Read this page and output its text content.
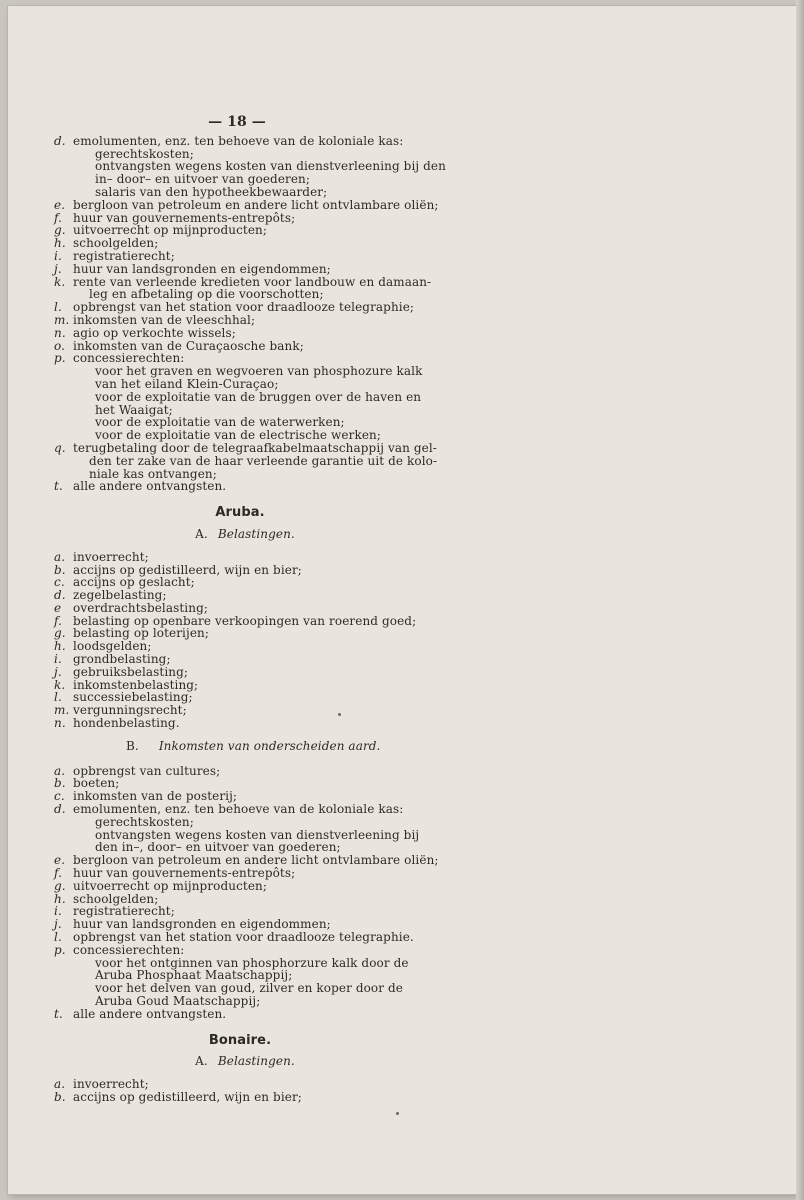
— 18 —
d. emolumenten, enz. ten behoeve van de koloniale kas:
gerechtskosten;
ontvangsten wegens kosten van dienstverleening bij den
in– door– en uitvoer van goederen;
salaris van den hypotheekbewaarder;
e. bergloon van petroleum en andere licht ontvlambare oliën;
f. huur van gouvernements-entrepôts;
g. uitvoerrecht op mijnproducten;
h. schoolgelden;
i. registratierecht;
j. huur van landsgronden en eigendommen;
k. rente van verleende kredieten voor landbouw en damaan-
leg en afbetaling op die voorschotten;
l. opbrengst van het station voor draadlooze telegraphie;
m. inkomsten van de vleeschhal;
n. agio op verkochte wissels;
o. inkomsten van de Curaçaosche bank;
p. concessierechten:
voor het graven en wegvoeren van phosphozure kalk
van het eiland Klein-Curaçao;
voor de exploitatie van de bruggen over de haven en
het Waaigat;
voor de exploitatie van de waterwerken;
voor de exploitatie van de electrische werken;
q. terugbetaling door de telegraafkabelmaatschappij van gel-
den ter zake van de haar verleende garantie uit de kolo-
niale kas ontvangen;
t. alle andere ontvangsten.
Aruba.
A. Belastingen.
a. invoerrecht;
b. accijns op gedistilleerd, wijn en bier;
c. accijns op geslacht;
d. zegelbelasting;
e overdrachtsbelasting;
f. belasting op openbare verkoopingen van roerend goed;
g. belasting op loterijen;
h. loodsgelden;
i. grondbelasting;
j. gebruiksbelasting;
k. inkomstenbelasting;
l. successiebelasting;
m. vergunningsrecht;
n. hondenbelasting.
B. Inkomsten van onderscheiden aard.
a. opbrengst van cultures;
b. boeten;
c. inkomsten van de posterij;
d. emolumenten, enz. ten behoeve van de koloniale kas:
gerechtskosten;
ontvangsten wegens kosten van dienstverleening bij
den in–, door– en uitvoer van goederen;
e. bergloon van petroleum en andere licht ontvlambare oliën;
f. huur van gouvernements-entrepôts;
g. uitvoerrecht op mijnproducten;
h. schoolgelden;
i. registratierecht;
j. huur van landsgronden en eigendommen;
l. opbrengst van het station voor draadlooze telegraphie.
p. concessierechten:
voor het ontginnen van phosphorzure kalk door de
Aruba Phosphaat Maatschappij;
voor het delven van goud, zilver en koper door de
Aruba Goud Maatschappij;
t. alle andere ontvangsten.
Bonaire.
A. Belastingen.
a. invoerrecht;
b. accijns op gedistilleerd, wijn en bier;
